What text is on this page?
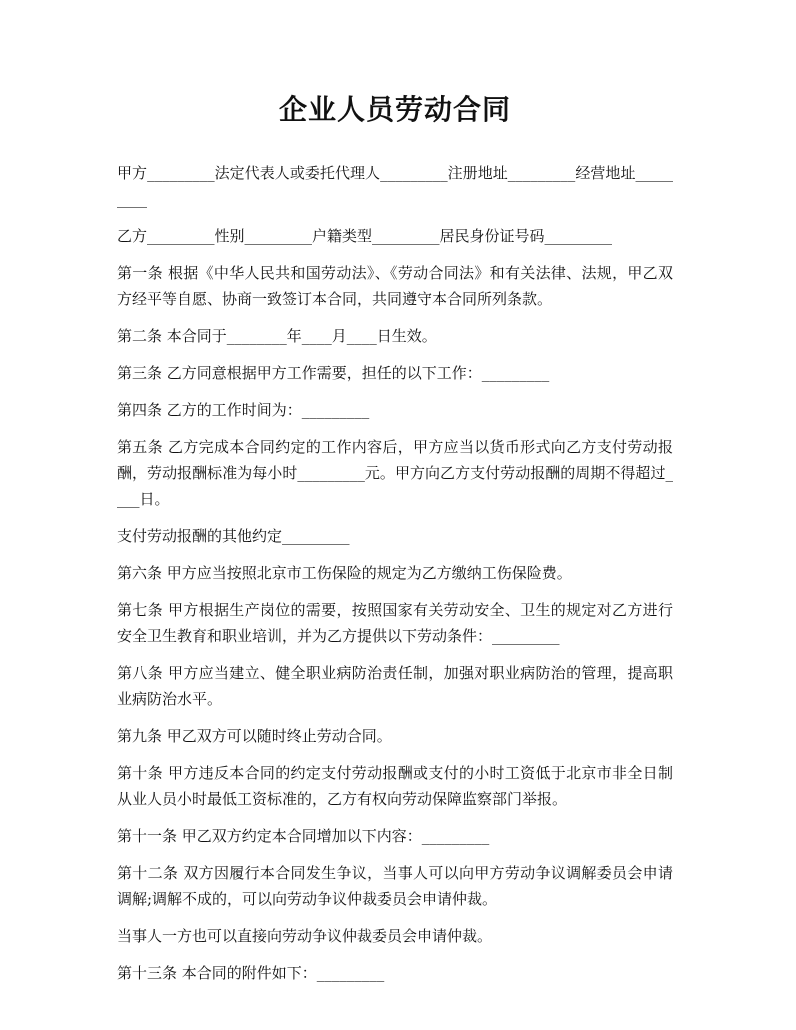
企业人员劳动合同

甲方_________法定代表人或委托代理人_________注册地址_________经营地址_________

乙方_________性别_________户籍类型_________居民身份证号码_________

第一条 根据《中华人民共和国劳动法》、《劳动合同法》和有关法律、法规，甲乙双方经平等自愿、协商一致签订本合同，共同遵守本合同所列条款。

第二条 本合同于________年____月____日生效。

第三条 乙方同意根据甲方工作需要，担任的以下工作：_________

第四条 乙方的工作时间为：_________

第五条 乙方完成本合同约定的工作内容后，甲方应当以货币形式向乙方支付劳动报酬，劳动报酬标准为每小时_________元。甲方向乙方支付劳动报酬的周期不得超过____日。

支付劳动报酬的其他约定_________

第六条 甲方应当按照北京市工伤保险的规定为乙方缴纳工伤保险费。

第七条 甲方根据生产岗位的需要，按照国家有关劳动安全、卫生的规定对乙方进行安全卫生教育和职业培训，并为乙方提供以下劳动条件：_________

第八条 甲方应当建立、健全职业病防治责任制，加强对职业病防治的管理，提高职业病防治水平。

第九条 甲乙双方可以随时终止劳动合同。

第十条 甲方违反本合同的约定支付劳动报酬或支付的小时工资低于北京市非全日制从业人员小时最低工资标准的，乙方有权向劳动保障监察部门举报。

第十一条 甲乙双方约定本合同增加以下内容：_________

第十二条 双方因履行本合同发生争议，当事人可以向甲方劳动争议调解委员会申请调解;调解不成的，可以向劳动争议仲裁委员会申请仲裁。

当事人一方也可以直接向劳动争议仲裁委员会申请仲裁。

第十三条 本合同的附件如下：_________
